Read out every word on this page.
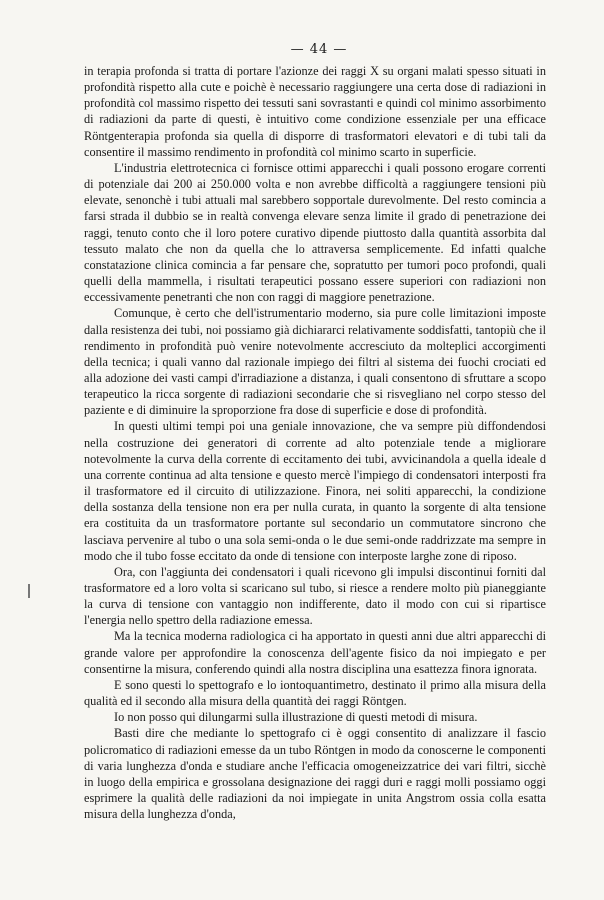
— 44 —

in terapia profonda si tratta di portare l'azionze dei raggi X su organi malati spesso situati in profondità rispetto alla cute e poichè è necessario raggiungere una certa dose di radiazioni in profondità col massimo rispetto dei tessuti sani sovrastanti e quindi col minimo assorbimento di radiazioni da parte di questi, è intuitivo come condizione essenziale per una efficace Röntgenterapia profonda sia quella di disporre di trasformatori elevatori e di tubi tali da consentire il massimo rendimento in profondità col minimo scarto in superficie.

L'industria elettrotecnica ci fornisce ottimi apparecchi i quali possono erogare correnti di potenziale dai 200 ai 250.000 volta e non avrebbe difficoltà a raggiungere tensioni più elevate, senonchè i tubi attuali mal sarebbero sopportale durevolmente. Del resto comincia a farsi strada il dubbio se in realtà convenga elevare senza limite il grado di penetrazione dei raggi, tenuto conto che il loro potere curativo dipende piuttosto dalla quantità assorbita dal tessuto malato che non da quella che lo attraversa semplicemente. Ed infatti qualche constatazione clinica comincia a far pensare che, sopratutto per tumori poco profondi, quali quelli della mammella, i risultati terapeutici possano essere superiori con radiazioni non eccessivamente penetranti che non con raggi di maggiore penetrazione.

Comunque, è certo che dell'istrumentario moderno, sia pure colle limitazioni imposte dalla resistenza dei tubi, noi possiamo già dichiararci relativamente soddisfatti, tantopiù che il rendimento in profondità può venire notevolmente accresciuto da molteplici accorgimenti della tecnica; i quali vanno dal razionale impiego dei filtri al sistema dei fuochi crociati ed alla adozione dei vasti campi d'irradiazione a distanza, i quali consentono di sfruttare a scopo terapeutico la ricca sorgente di radiazioni secondarie che si risvegliano nel corpo stesso del paziente e di diminuire la sproporzione fra dose di superficie e dose di profondità.

In questi ultimi tempi poi una geniale innovazione, che va sempre più diffondendosi nella costruzione dei generatori di corrente ad alto potenziale tende a migliorare notevolmente la curva della corrente di eccitamento dei tubi, avvicinandola a quella ideale d una corrente continua ad alta tensione e questo mercè l'impiego di condensatori interposti fra il trasformatore ed il circuito di utilizzazione. Finora, nei soliti apparecchi, la condizione della sostanza della tensione non era per nulla curata, in quanto la sorgente di alta tensione era costituita da un trasformatore portante sul secondario un commutatore sincrono che lasciava pervenire al tubo o una sola semi-onda o le due semi-onde raddrizzate ma sempre in modo che il tubo fosse eccitato da onde di tensione con interposte larghe zone di riposo.

Ora, con l'aggiunta dei condensatori i quali ricevono gli impulsi discontinui forniti dal trasformatore ed a loro volta si scaricano sul tubo, si riesce a rendere molto più pianeggiante la curva di tensione con vantaggio non indifferente, dato il modo con cui si ripartisce l'energia nello spettro della radiazione emessa.

Ma la tecnica moderna radiologica ci ha apportato in questi anni due altri apparecchi di grande valore per approfondire la conoscenza dell'agente fisico da noi impiegato e per consentirne la misura, conferendo quindi alla nostra disciplina una esattezza finora ignorata.

E sono questi lo spettografo e lo iontoquantimetro, destinato il primo alla misura della qualità ed il secondo alla misura della quantità dei raggi Röntgen.

Io non posso qui dilungarmi sulla illustrazione di questi metodi di misura.

Basti dire che mediante lo spettografo ci è oggi consentito di analizzare il fascio policromatico di radiazioni emesse da un tubo Röntgen in modo da conoscerne le componenti di varia lunghezza d'onda e studiare anche l'efficacia omogeneizzatrice dei vari filtri, sicchè in luogo della empirica e grossolana designazione dei raggi duri e raggi molli possiamo oggi esprimere la qualità delle radiazioni da noi impiegate in unita Angstrom ossia colla esatta misura della lunghezza d'onda,
